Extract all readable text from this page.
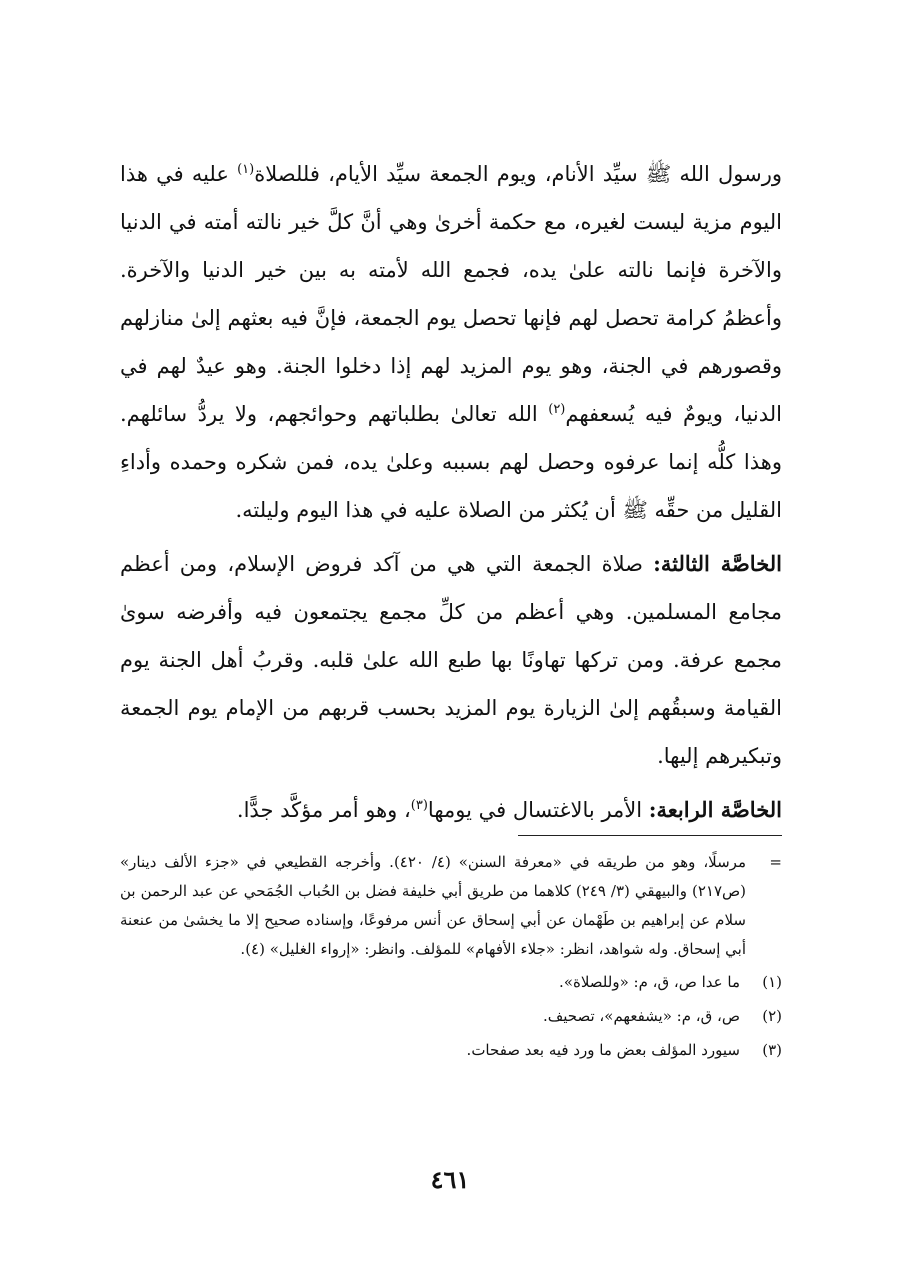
ورسول الله ﷺ سيِّد الأنام، ويوم الجمعة سيِّد الأيام، فللصلاة$^{(١)}$ عليه في هذا اليوم مزية ليست لغيره، مع حكمة أخرىٰ وهي أنَّ كلَّ خير نالته أمته في الدنيا والآخرة فإنما نالته علىٰ يده، فجمع الله لأمته به بين خير الدنيا والآخرة. وأعظمُ كرامة تحصل لهم فإنها تحصل يوم الجمعة، فإنَّ فيه بعثهم إلىٰ منازلهم وقصورهم في الجنة، وهو يوم المزيد لهم إذا دخلوا الجنة. وهو عيدٌ لهم في الدنيا، ويومٌ فيه يُسعفهم$^{(٢)}$ الله تعالىٰ بطلباتهم وحوائجهم، ولا يردُّ سائلهم. وهذا كلُّه إنما عرفوه وحصل لهم بسببه وعلىٰ يده، فمن شكره وحمده وأداءِ القليل من حقِّه ﷺ أن يُكثر من الصلاة عليه في هذا اليوم وليلته.

الخاصَّة الثالثة: صلاة الجمعة التي هي من آكد فروض الإسلام، ومن أعظم مجامع المسلمين. وهي أعظم من كلِّ مجمع يجتمعون فيه وأفرضه سوىٰ مجمع عرفة. ومن تركها تهاونًا بها طبع الله علىٰ قلبه. وقربُ أهل الجنة يوم القيامة وسبقُهم إلىٰ الزيارة يوم المزيد بحسب قربهم من الإمام يوم الجمعة وتبكيرهم إليها.

الخاصَّة الرابعة: الأمر بالاغتسال في يومها$^{(٣)}$، وهو أمر مؤكَّد جدًّا.

=

مرسلًا، وهو من طريقه في «معرفة السنن» (٤/ ٤٢٠). وأخرجه القطيعي في «جزء الألف دينار» (ص٢١٧) والبيهقي (٣/ ٢٤٩) كلاهما من طريق أبي خليفة فضل بن الحُباب الجُمَحي عن عبد الرحمن بن سلام عن إبراهيم بن طَهْمان عن أبي إسحاق عن أنس مرفوعًا، وإسناده صحيح إلا ما يخشىٰ من عنعنة أبي إسحاق. وله شواهد، انظر: «جلاء الأفهام» للمؤلف. وانظر: «إرواء الغليل» (٤).

(١)
ما عدا ص، ق، م: «وللصلاة».
(٢)
ص، ق، م: «يشفعهم»، تصحيف.
(٣)
سيورد المؤلف بعض ما ورد فيه بعد صفحات.
٤٦١
